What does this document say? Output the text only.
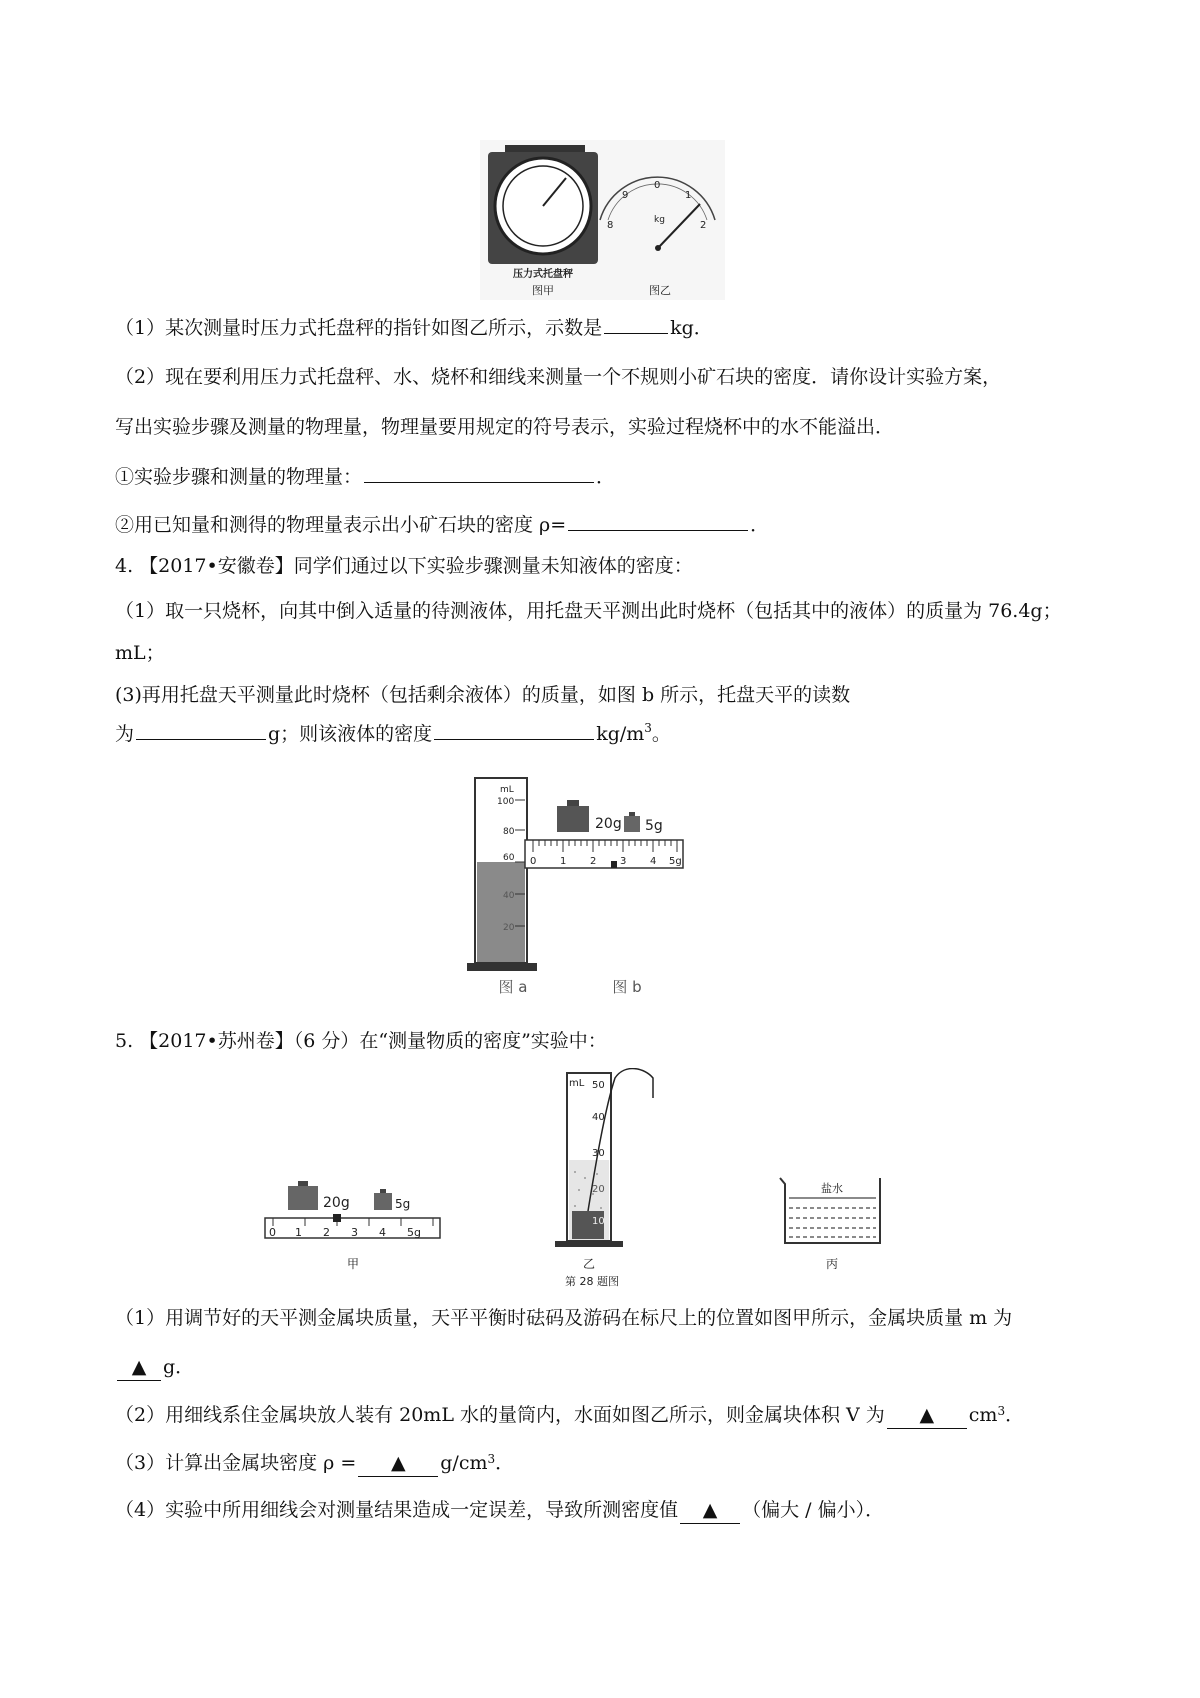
压力式托盘秤
图甲
8
9
0
1
2
kg
图乙
（1）某次测量时压力式托盘秤的指针如图乙所示，示数是	kg．
（2）现在要利用压力式托盘秤、水、烧杯和细线来测量一个不规则小矿石块的密度．请你设计实验方案，
写出实验步骤及测量的物理量，物理量要用规定的符号表示，实验过程烧杯中的水不能溢出．
①实验步骤和测量的物理量：	．
②用已知量和测得的物理量表示出小矿石块的密度 ρ=	．
4. 【2017•安徽卷】同学们通过以下实验步骤测量未知液体的密度：
（1）取一只烧杯，向其中倒入适量的待测液体，用托盘天平测出此时烧杯（包括其中的液体）的质量为 76.4g；
mL；
(3)再用托盘天平测量此时烧杯（包括剩余液体）的质量，如图 b 所示，托盘天平的读数
为	g；则该液体的密度	$kg/m^3$。
mL
100
80
60
40
20
20g 5g
0 1 2 3 4 5g
图 a	图 b
5. 【2017•苏州卷】（6 分）在“测量物质的密度”实验中：
20g	5g
0 1 2 3 4 5g
甲
mL 50
40
30
20
10
乙
盐水
丙
第 28 题图
（1）用调节好的天平测金属块质量，天平平衡时砝码及游码在标尺上的位置如图甲所示，金属块质量 m 为
▲ g．
（2）用细线系住金属块放人装有 20mL 水的量筒内，水面如图乙所示，则金属块体积 V 为 ▲ $cm^3$．
（3）计算出金属块密度 ρ = ▲ $g/cm^3$．
（4）实验中所用细线会对测量结果造成一定误差，导致所测密度值 ▲ （偏大 / 偏小）．
